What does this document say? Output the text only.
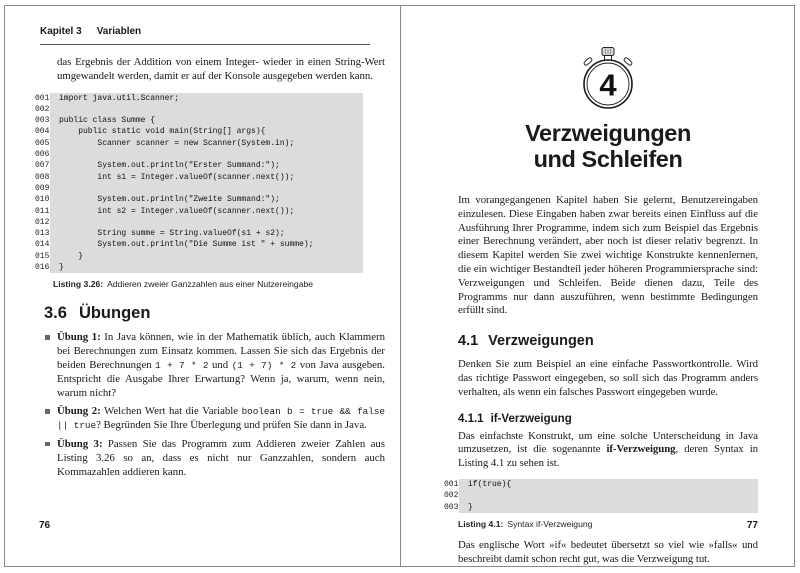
Kapitel 3 Variablen

das Ergebnis der Addition von einem Integer- wieder in einen String-Wert umgewandelt werden, damit er auf der Konsole ausgegeben werden kann.

001	import java.util.Scanner;
002
003	public class Summe {
004	public static void main(String[] args){
005	Scanner scanner = new Scanner(System.in);
006
007	System.out.println("Erster Summand:");
008	int s1 = Integer.valueOf(scanner.next());
009
010	System.out.println("Zweite Summand:");
011	int s2 = Integer.valueOf(scanner.next());
012
013	String summe = String.valueOf(s1 + s2);
014	System.out.println("Die Summe ist " + summe);
015	}
016	}
Listing 3.26: Addieren zweier Ganzzahlen aus einer Nutzereingabe
3.6 Übungen
Übung 1: In Java können, wie in der Mathematik üblich, auch Klammern bei Berechnungen zum Einsatz kommen. Lassen Sie sich das Ergebnis der beiden Berechnungen 1 + 7 * 2 und (1 + 7) * 2 von Java ausgeben. Entspricht die Ausgabe Ihrer Erwartung? Wenn ja, warum, wenn nein, warum nicht?
Übung 2: Welchen Wert hat die Variable boolean b = true && false || true? Begründen Sie Ihre Überlegung und prüfen Sie dann in Java.
Übung 3: Passen Sie das Programm zum Addieren zweier Zahlen aus Listing 3.26 so an, dass es nicht nur Ganzzahlen, sondern auch Kommazahlen addieren kann.
76
4
Verzweigungen
und Schleifen

Im vorangegangenen Kapitel haben Sie gelernt, Benutzereingaben einzulesen. Diese Eingaben haben zwar bereits einen Einfluss auf die Ausführung Ihrer Programme, indem sich zum Beispiel das Ergebnis einer Berechnung verändert, aber noch ist dieser relativ begrenzt. In diesem Kapitel werden Sie zwei wichtige Konstrukte kennenlernen, die ein wichtiger Bestandteil jeder höheren Programmiersprache sind: Verzweigungen und Schleifen. Beide dienen dazu, Teile des Programms nur dann auszuführen, wenn bestimmte Bedingungen erfüllt sind.

4.1 Verzweigungen

Denken Sie zum Beispiel an eine einfache Passwortkontrolle. Wird das richtige Passwort eingegeben, so soll sich das Programm anders verhalten, als wenn ein falsches Passwort eingegeben wurde.

4.1.1 if-Verzweigung

Das einfachste Konstrukt, um eine solche Unterscheidung in Java umzusetzen, ist die sogenannte if-Verzweigung, deren Syntax in Listing 4.1 zu sehen ist.

001	if(true){
002
003	}
Listing 4.1: Syntax if-Verzweigung

Das englische Wort »if« bedeutet übersetzt so viel wie »falls« und beschreibt damit schon recht gut, was die Verzweigung tut.

77
